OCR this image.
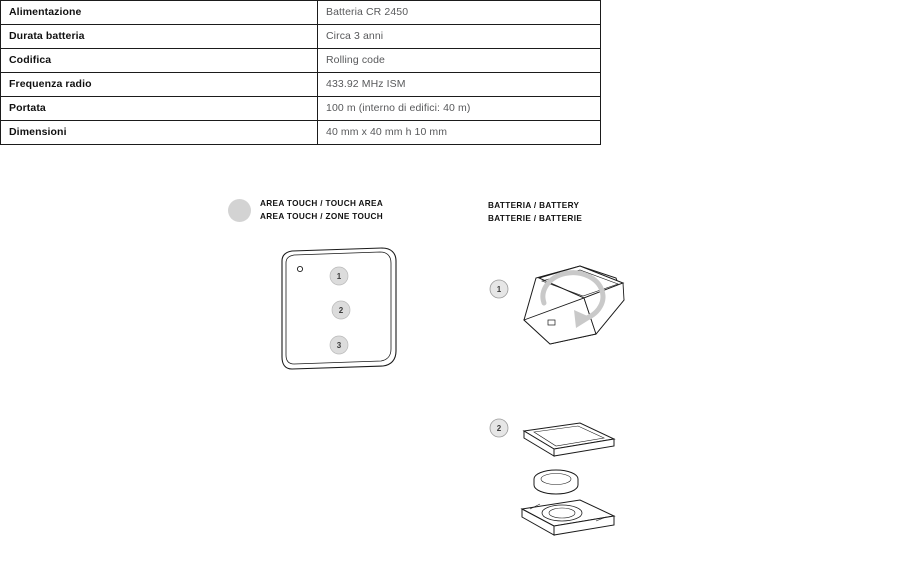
Alimentazione	Batteria CR 2450
Durata batteria	Circa 3 anni
Codifica	Rolling code
Frequenza radio	433.92 MHz ISM
Portata	100 m (interno di edifici: 40 m)
Dimensioni	40 mm x 40 mm h 10 mm
AREA TOUCH / TOUCH AREA
AREA TOUCH / ZONE TOUCH
BATTERIA / BATTERY
BATTERIE / BATTERIE
1
2
3
1
2
